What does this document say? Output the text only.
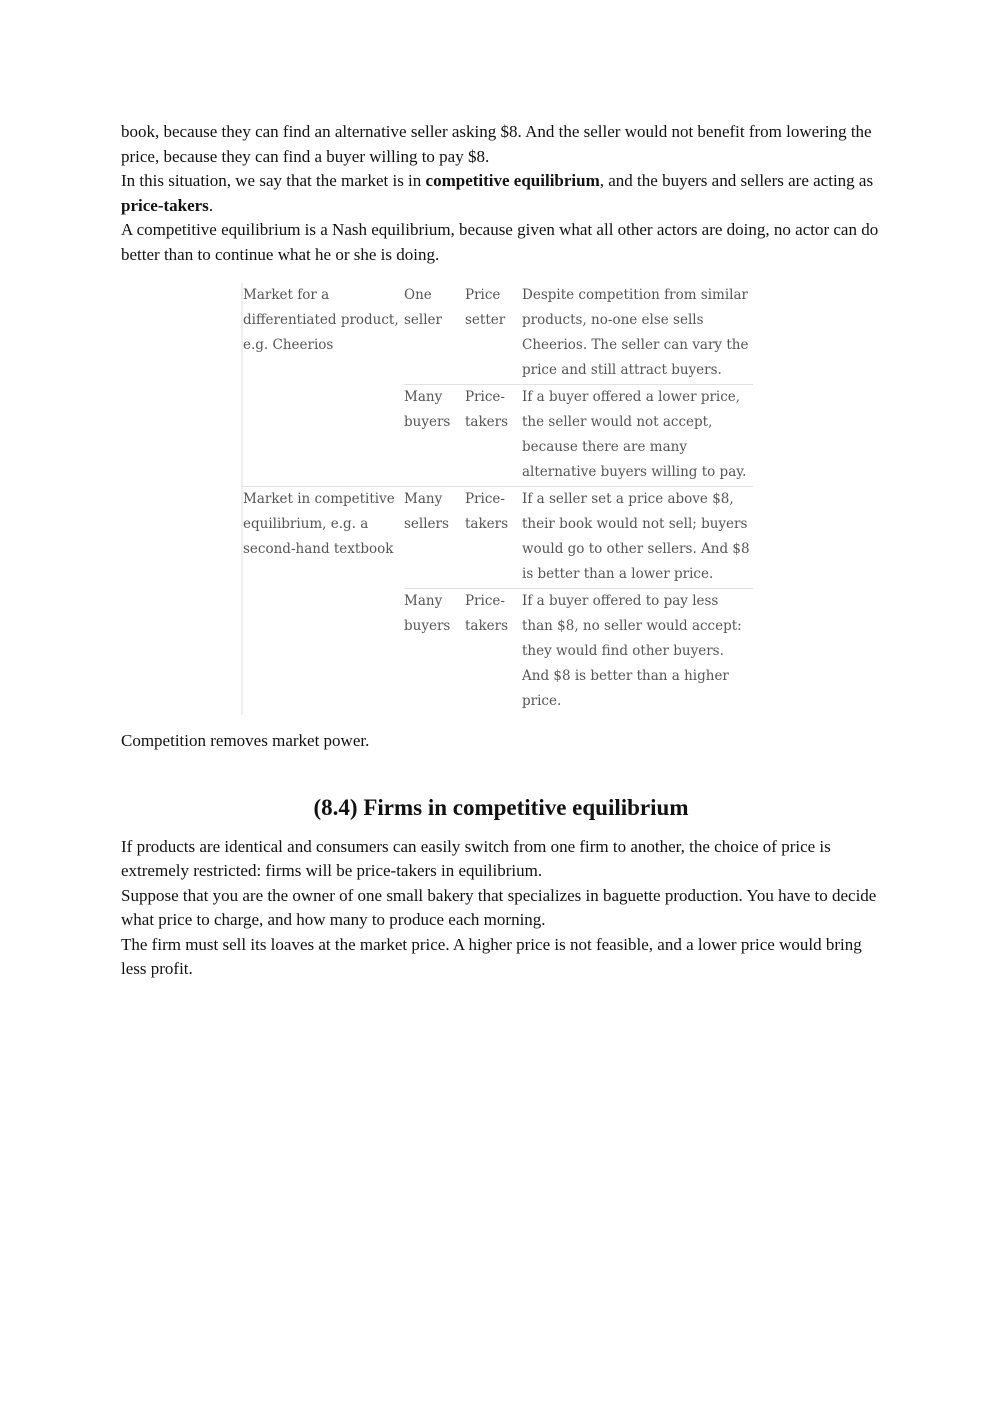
book, because they can find an alternative seller asking $8. And the seller would not benefit from lowering the price, because they can find a buyer willing to pay $8.

In this situation, we say that the market is in competitive equilibrium, and the buyers and sellers are acting as price-takers.

A competitive equilibrium is a Nash equilibrium, because given what all other actors are doing, no actor can do better than to continue what he or she is doing.

Market for a differentiated product, e.g. Cheerios	One seller	Price setter	Despite competition from similar products, no-one else sells Cheerios. The seller can vary the price and still attract buyers.
	Many buyers	Price-takers	If a buyer offered a lower price, the seller would not accept, because there are many alternative buyers willing to pay.
Market in competitive equilibrium, e.g. a second-hand textbook	Many sellers	Price-takers	If a seller set a price above $8, their book would not sell; buyers would go to other sellers. And $8 is better than a lower price.
	Many buyers	Price-takers	If a buyer offered to pay less than $8, no seller would accept: they would find other buyers. And $8 is better than a higher price.

Competition removes market power.

(8.4) Firms in competitive equilibrium

If products are identical and consumers can easily switch from one firm to another, the choice of price is extremely restricted: firms will be price-takers in equilibrium.

Suppose that you are the owner of one small bakery that specializes in baguette production. You have to decide what price to charge, and how many to produce each morning.

The firm must sell its loaves at the market price. A higher price is not feasible, and a lower price would bring less profit.
